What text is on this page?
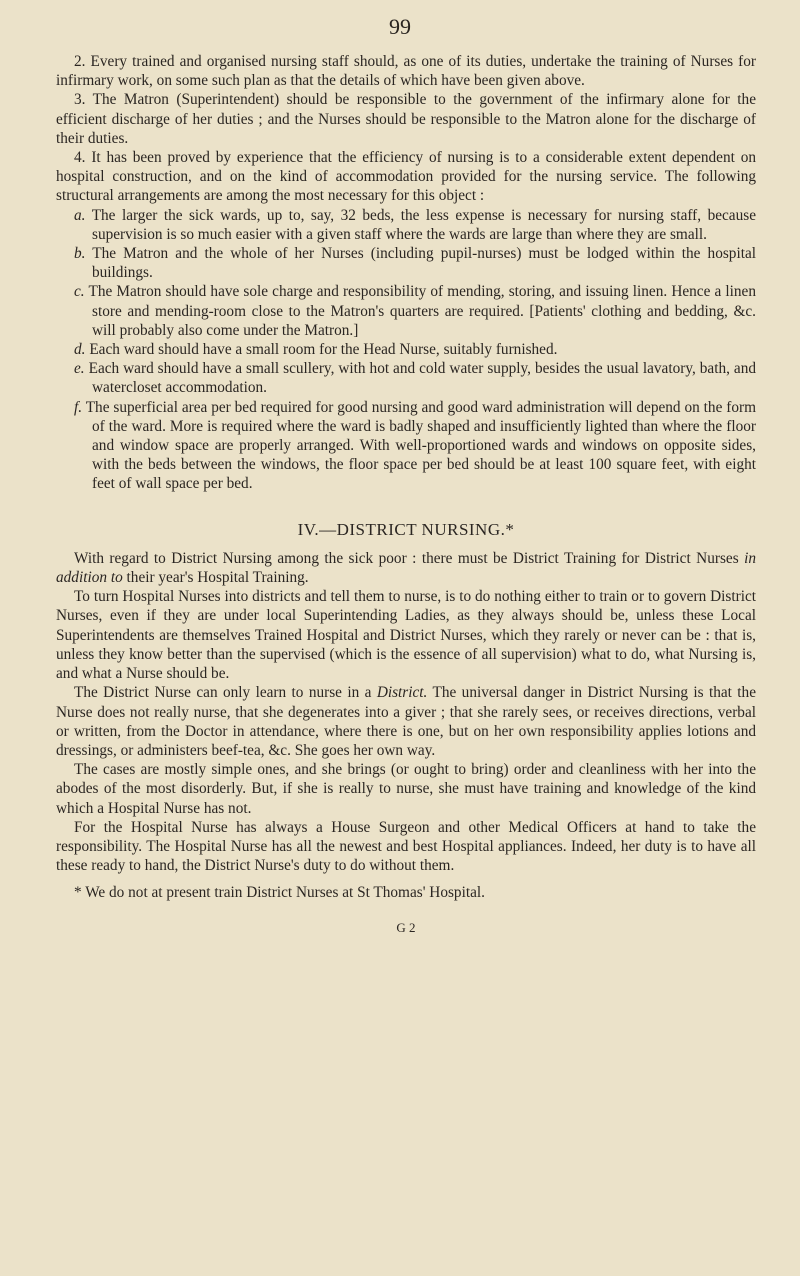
99

2. Every trained and organised nursing staff should, as one of its duties, undertake the training of Nurses for infirmary work, on some such plan as that the details of which have been given above.

3. The Matron (Superintendent) should be responsible to the government of the infirmary alone for the efficient discharge of her duties ; and the Nurses should be responsible to the Matron alone for the discharge of their duties.

4. It has been proved by experience that the efficiency of nursing is to a considerable extent dependent on hospital construction, and on the kind of accommodation provided for the nursing service. The following structural arrangements are among the most necessary for this object :

a. The larger the sick wards, up to, say, 32 beds, the less expense is necessary for nursing staff, because supervision is so much easier with a given staff where the wards are large than where they are small.

b. The Matron and the whole of her Nurses (including pupil-nurses) must be lodged within the hospital buildings.

c. The Matron should have sole charge and responsibility of mending, storing, and issuing linen. Hence a linen store and mending-room close to the Matron's quarters are required. [Patients' clothing and bedding, &c. will probably also come under the Matron.]

d. Each ward should have a small room for the Head Nurse, suitably furnished.

e. Each ward should have a small scullery, with hot and cold water supply, besides the usual lavatory, bath, and watercloset accommodation.

f. The superficial area per bed required for good nursing and good ward administration will depend on the form of the ward. More is required where the ward is badly shaped and insufficiently lighted than where the floor and window space are properly arranged. With well-proportioned wards and windows on opposite sides, with the beds between the windows, the floor space per bed should be at least 100 square feet, with eight feet of wall space per bed.

IV.—DISTRICT NURSING.*

With regard to District Nursing among the sick poor : there must be District Training for District Nurses in addition to their year's Hospital Training.

To turn Hospital Nurses into districts and tell them to nurse, is to do nothing either to train or to govern District Nurses, even if they are under local Superintending Ladies, as they always should be, unless these Local Superintendents are themselves Trained Hospital and District Nurses, which they rarely or never can be : that is, unless they know better than the supervised (which is the essence of all supervision) what to do, what Nursing is, and what a Nurse should be.

The District Nurse can only learn to nurse in a District. The universal danger in District Nursing is that the Nurse does not really nurse, that she degenerates into a giver ; that she rarely sees, or receives directions, verbal or written, from the Doctor in attendance, where there is one, but on her own responsibility applies lotions and dressings, or administers beef-tea, &c. She goes her own way.

The cases are mostly simple ones, and she brings (or ought to bring) order and cleanliness with her into the abodes of the most disorderly. But, if she is really to nurse, she must have training and knowledge of the kind which a Hospital Nurse has not.

For the Hospital Nurse has always a House Surgeon and other Medical Officers at hand to take the responsibility. The Hospital Nurse has all the newest and best Hospital appliances. Indeed, her duty is to have all these ready to hand, the District Nurse's duty to do without them.

* We do not at present train District Nurses at St Thomas' Hospital.

G 2
